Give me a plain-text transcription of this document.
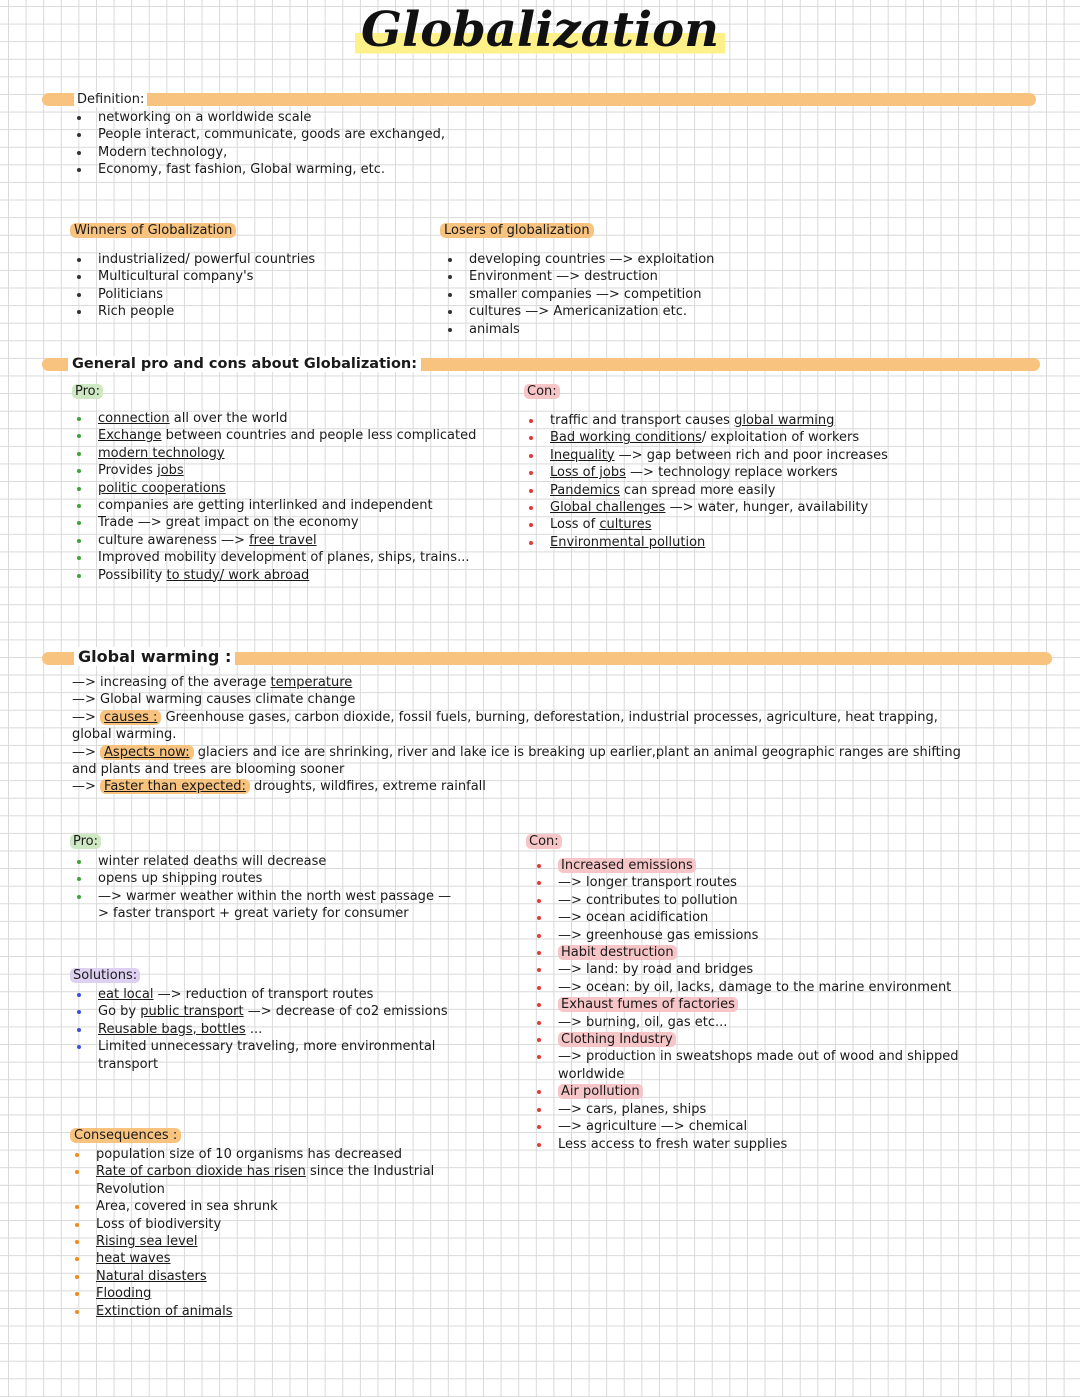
Globalization
Definition:
networking on a worldwide scale
People interact, communicate, goods are exchanged,
Modern technology,
Economy, fast fashion, Global warming, etc.
Winners of Globalization
industrialized/ powerful countries
Multicultural company's
Politicians
Rich people
Losers of globalization
developing countries —> exploitation
Environment —> destruction
smaller companies —> competition
cultures —> Americanization etc.
animals
General pro and cons about Globalization:
Pro:	Con:
connection all over the world
Exchange between countries and people less complicated
modern technology
Provides jobs
politic cooperations
companies are getting interlinked and independent
Trade —> great impact on the economy
culture awareness —> free travel
Improved mobility development of planes, ships, trains...
Possibility to study/ work abroad
traffic and transport causes global warming
Bad working conditions/ exploitation of workers
Inequality —> gap between rich and poor increases
Loss of jobs —> technology replace workers
Pandemics can spread more easily
Global challenges —> water, hunger, availability
Loss of cultures
Environmental pollution
Global warming :
—> increasing of the average temperature
—> Global warming causes climate change
—> causes : Greenhouse gases, carbon dioxide, fossil fuels, burning, deforestation, industrial processes, agriculture, heat trapping, global warming.
—> Aspects now: glaciers and ice are shrinking, river and lake ice is breaking up earlier,plant an animal geographic ranges are shifting and plants and trees are blooming sooner
—> Faster than expected: droughts, wildfires, extreme rainfall
Pro:
winter related deaths will decrease
opens up shipping routes
—> warmer weather within the north west passage —> faster transport + great variety for consumer
Solutions:
eat local —> reduction of transport routes
Go by public transport —> decrease of co2 emissions
Reusable bags, bottles ...
Limited unnecessary traveling, more environmental transport
Consequences :
population size of 10 organisms has decreased
Rate of carbon dioxide has risen since the Industrial Revolution
Area, covered in sea shrunk
Loss of biodiversity
Rising sea level
heat waves
Natural disasters
Flooding
Extinction of animals
Con:
Increased emissions
—> longer transport routes
—> contributes to pollution
—> ocean acidification
—> greenhouse gas emissions
Habit destruction
—> land: by road and bridges
—> ocean: by oil, lacks, damage to the marine environment
Exhaust fumes of factories
—> burning, oil, gas etc...
Clothing Industry
—> production in sweatshops made out of wood and shipped worldwide
Air pollution
—> cars, planes, ships
—> agriculture —> chemical
Less access to fresh water supplies
